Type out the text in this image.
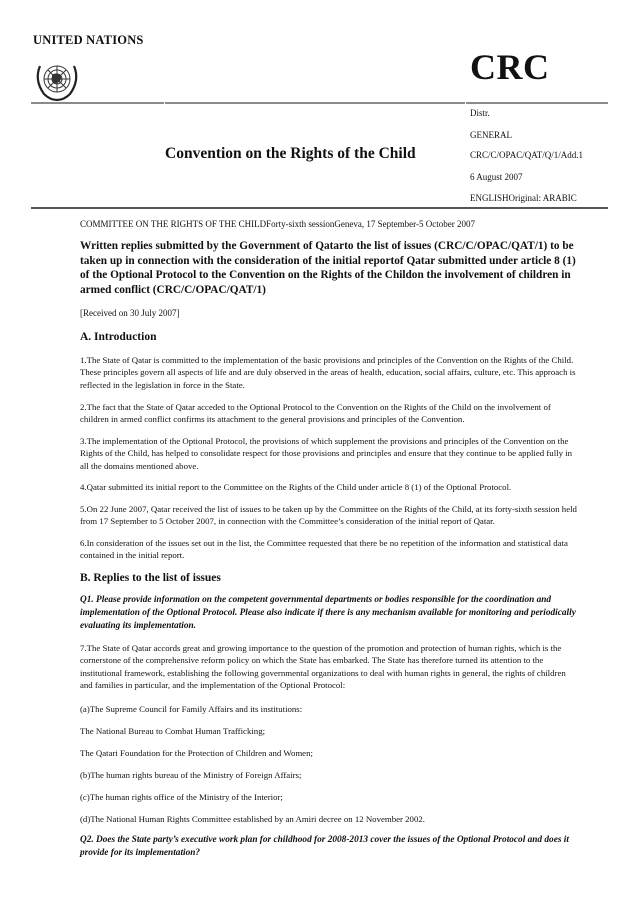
UNITED NATIONS
CRC
Convention on the Rights of the Child
Distr.
GENERAL
CRC/C/OPAC/QAT/Q/1/Add.1
6 August 2007
ENGLISHOriginal: ARABIC
COMMITTEE ON THE RIGHTS OF THE CHILDForty-sixth sessionGeneva, 17 September-5 October 2007
Written replies submitted by the Government of Qatarto the list of issues (CRC/C/OPAC/QAT/1) to be taken up in connection with the consideration of the initial reportof Qatar submitted under article 8 (1) of the Optional Protocol to the Convention on the Rights of the Childon the involvement of children in armed conflict (CRC/C/OPAC/QAT/1)
[Received on 30 July 2007]
A. Introduction
1.The State of Qatar is committed to the implementation of the basic provisions and principles of the Convention on the Rights of the Child. These principles govern all aspects of life and are duly observed in the areas of health, education, social affairs, culture, etc. This approach is reflected in the legislation in force in the State.
2.The fact that the State of Qatar acceded to the Optional Protocol to the Convention on the Rights of the Child on the involvement of children in armed conflict confirms its attachment to the general provisions and principles of the Convention.
3.The implementation of the Optional Protocol, the provisions of which supplement the provisions and principles of the Convention on the Rights of the Child, has helped to consolidate respect for those provisions and principles and ensure that they continue to be applied fully in all the domains mentioned above.
4.Qatar submitted its initial report to the Committee on the Rights of the Child under article 8 (1) of the Optional Protocol.
5.On 22 June 2007, Qatar received the list of issues to be taken up by the Committee on the Rights of the Child, at its forty-sixth session held from 17 September to 5 October 2007, in connection with the Committee’s consideration of the initial report of Qatar.
6.In consideration of the issues set out in the list, the Committee requested that there be no repetition of the information and statistical data contained in the initial report.
B. Replies to the list of issues
Q1. Please provide information on the competent governmental departments or bodies responsible for the coordination and implementation of the Optional Protocol. Please also indicate if there is any mechanism available for monitoring and periodically evaluating its implementation.
7.The State of Qatar accords great and growing importance to the question of the promotion and protection of human rights, which is the cornerstone of the comprehensive reform policy on which the State has embarked. The State has therefore turned its attention to the institutional framework, establishing the following governmental organizations to deal with human rights in general, the rights of children and families in particular, and the implementation of the Optional Protocol:
(a)The Supreme Council for Family Affairs and its institutions:
The National Bureau to Combat Human Trafficking;
The Qatari Foundation for the Protection of Children and Women;
(b)The human rights bureau of the Ministry of Foreign Affairs;
(c)The human rights office of the Ministry of the Interior;
(d)The National Human Rights Committee established by an Amiri decree on 12 November 2002.
Q2. Does the State party’s executive work plan for childhood for 2008-2013 cover the issues of the Optional Protocol and does it provide for its implementation?
